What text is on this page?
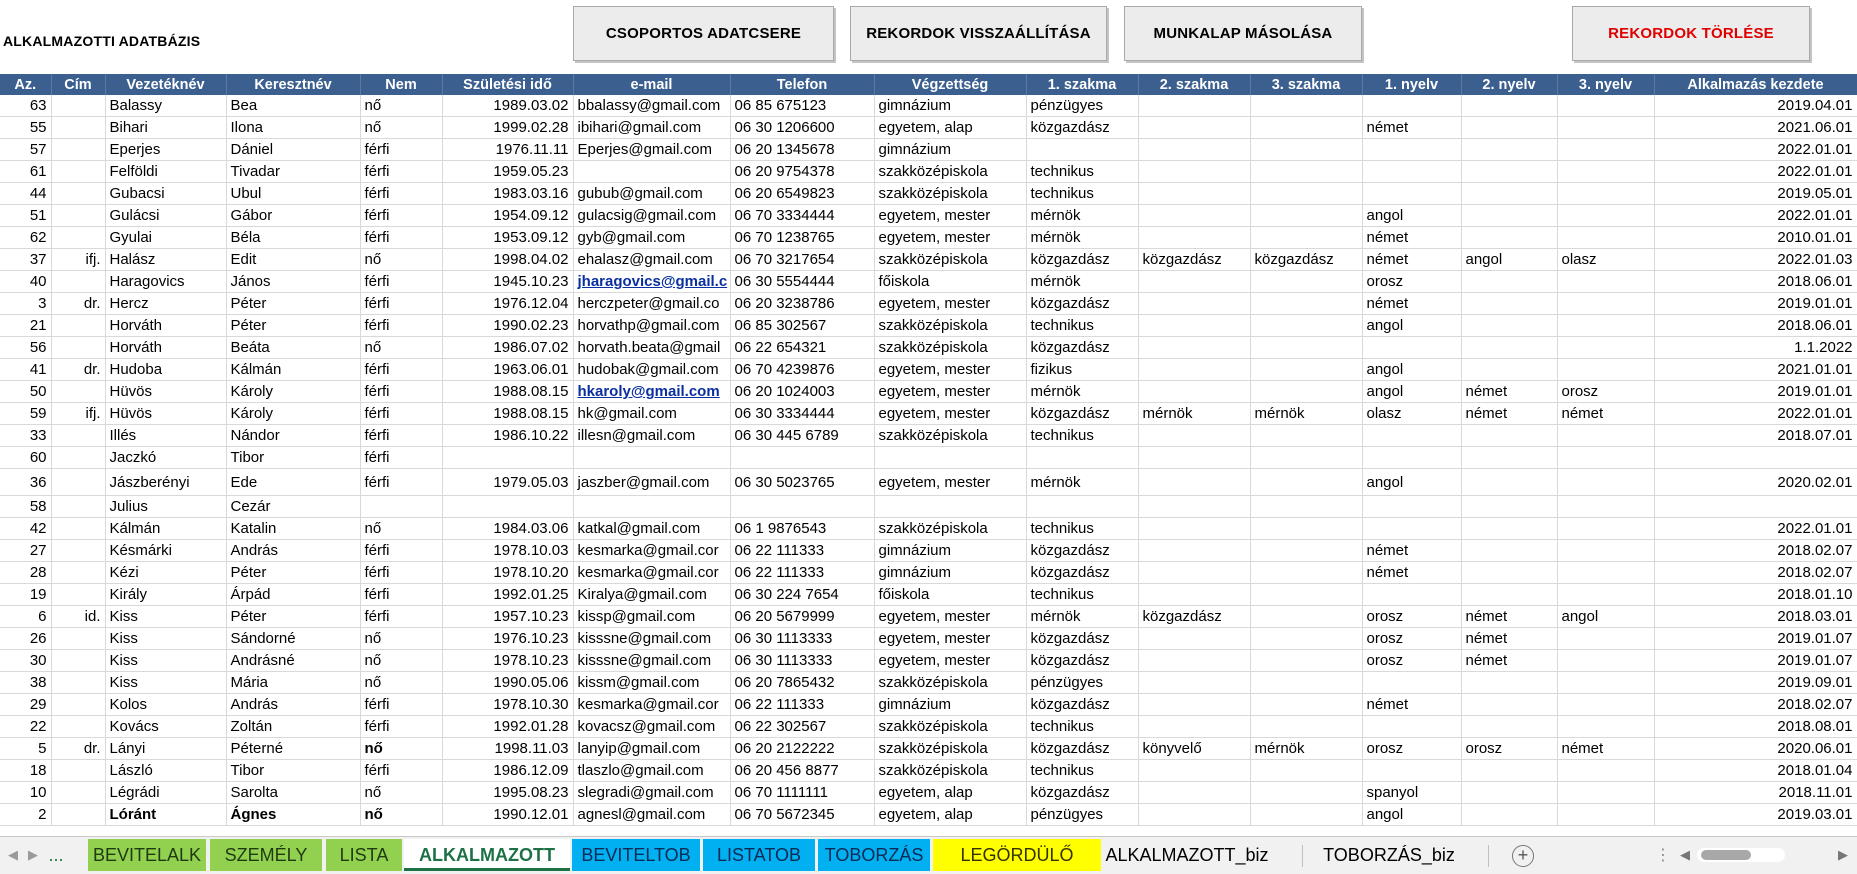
ALKALMAZOTTI ADATBÁZIS	CSOPORTOS ADATCSERE	REKORDOK VISSZAÁLLÍTÁSA	MUNKALAP MÁSOLÁSA	REKORDOK TÖRLÉSE
Az.	Cím	Vezetéknév	Keresztnév	Nem	Születési idő	e-mail	Telefon	Végzettség	1. szakma	2. szakma	3. szakma	1. nyelv	2. nyelv	3. nyelv	Alkalmazás kezdete
63		Balassy	Bea	nő	1989.03.02	bbalassy@gmail.com	06 85 675123	gimnázium	pénzügyes						2019.04.01
55		Bihari	Ilona	nő	1999.02.28	ibihari@gmail.com	06 30 1206600	egyetem, alap	közgazdász			német			2021.06.01
57		Eperjes	Dániel	férfi	1976.11.11	Eperjes@gmail.com	06 20 1345678	gimnázium							2022.01.01
61		Felföldi	Tivadar	férfi	1959.05.23		06 20 9754378	szakközépiskola	technikus						2022.01.01
44		Gubacsi	Ubul	férfi	1983.03.16	gubub@gmail.com	06 20 6549823	szakközépiskola	technikus						2019.05.01
51		Gulácsi	Gábor	férfi	1954.09.12	gulacsig@gmail.com	06 70 3334444	egyetem, mester	mérnök			angol			2022.01.01
62		Gyulai	Béla	férfi	1953.09.12	gyb@gmail.com	06 70 1238765	egyetem, mester	mérnök			német			2010.01.01
37	ifj.	Halász	Edit	nő	1998.04.02	ehalasz@gmail.com	06 70 3217654	szakközépiskola	közgazdász	közgazdász	közgazdász	német	angol	olasz	2022.01.03
40		Haragovics	János	férfi	1945.10.23	jharagovics@gmail.c	06 30 5554444	főiskola	mérnök			orosz			2018.06.01
3	dr.	Hercz	Péter	férfi	1976.12.04	herczpeter@gmail.co	06 20 3238786	egyetem, mester	közgazdász			német			2019.01.01
21		Horváth	Péter	férfi	1990.02.23	horvathp@gmail.com	06 85 302567	szakközépiskola	technikus			angol			2018.06.01
56		Horváth	Beáta	nő	1986.07.02	horvath.beata@gmail	06 22 654321	szakközépiskola	közgazdász						1.1.2022
41	dr.	Hudoba	Kálmán	férfi	1963.06.01	hudobak@gmail.com	06 70 4239876	egyetem, mester	fizikus			angol			2021.01.01
50		Hüvös	Károly	férfi	1988.08.15	hkaroly@gmail.com	06 20 1024003	egyetem, mester	mérnök			angol	német	orosz	2019.01.01
59	ifj.	Hüvös	Károly	férfi	1988.08.15	hk@gmail.com	06 30 3334444	egyetem, mester	közgazdász	mérnök	mérnök	olasz	német	német	2022.01.01
33		Illés	Nándor	férfi	1986.10.22	illesn@gmail.com	06 30 445 6789	szakközépiskola	technikus						2018.07.01
60		Jaczkó	Tibor	férfi											
36		Jászberényi	Ede	férfi	1979.05.03	jaszber@gmail.com	06 30 5023765	egyetem, mester	mérnök			angol			2020.02.01
58		Julius	Cezár												
42		Kálmán	Katalin	nő	1984.03.06	katkal@gmail.com	06 1 9876543	szakközépiskola	technikus						2022.01.01
27		Késmárki	András	férfi	1978.10.03	kesmarka@gmail.cor	06 22 111333	gimnázium	közgazdász			német			2018.02.07
28		Kézi	Péter	férfi	1978.10.20	kesmarka@gmail.cor	06 22 111333	gimnázium	közgazdász			német			2018.02.07
19		Király	Árpád	férfi	1992.01.25	Kiralya@gmail.com	06 30 224 7654	főiskola	technikus						2018.01.10
6	id.	Kiss	Péter	férfi	1957.10.23	kissp@gmail.com	06 20 5679999	egyetem, mester	mérnök	közgazdász		orosz	német	angol	2018.03.01
26		Kiss	Sándorné	nő	1976.10.23	kisssne@gmail.com	06 30 1113333	egyetem, mester	közgazdász			orosz	német		2019.01.07
30		Kiss	Andrásné	nő	1978.10.23	kisssne@gmail.com	06 30 1113333	egyetem, mester	közgazdász			orosz	német		2019.01.07
38		Kiss	Mária	nő	1990.05.06	kissm@gmail.com	06 20 7865432	szakközépiskola	pénzügyes						2019.09.01
29		Kolos	András	férfi	1978.10.30	kesmarka@gmail.cor	06 22 111333	gimnázium	közgazdász			német			2018.02.07
22		Kovács	Zoltán	férfi	1992.01.28	kovacsz@gmail.com	06 22 302567	szakközépiskola	technikus						2018.08.01
5	dr.	Lányi	Péterné	nő	1998.11.03	lanyip@gmail.com	06 20 2122222	szakközépiskola	közgazdász	könyvelő	mérnök	orosz	orosz	német	2020.06.01
18		László	Tibor	férfi	1986.12.09	tlaszlo@gmail.com	06 20 456 8877	szakközépiskola	technikus						2018.01.04
10		Légrádi	Sarolta	nő	1995.08.23	slegradi@gmail.com	06 70 1111111	egyetem, alap	közgazdász			spanyol			2018.11.01
2		Lóránt	Ágnes	nő	1990.12.01	agnesl@gmail.com	06 70 5672345	egyetem, alap	pénzügyes			angol			2019.03.01
◀ ▶	+	⋮ ◀	▶
... BEVITELALK	SZEMÉLY	LISTA	ALKALMAZOTT	BEVITELTOB	LISTATOB	TOBORZÁS	LEGÖRDÜLŐ	ALKALMAZOTT_biz	TOBORZÁS_biz
